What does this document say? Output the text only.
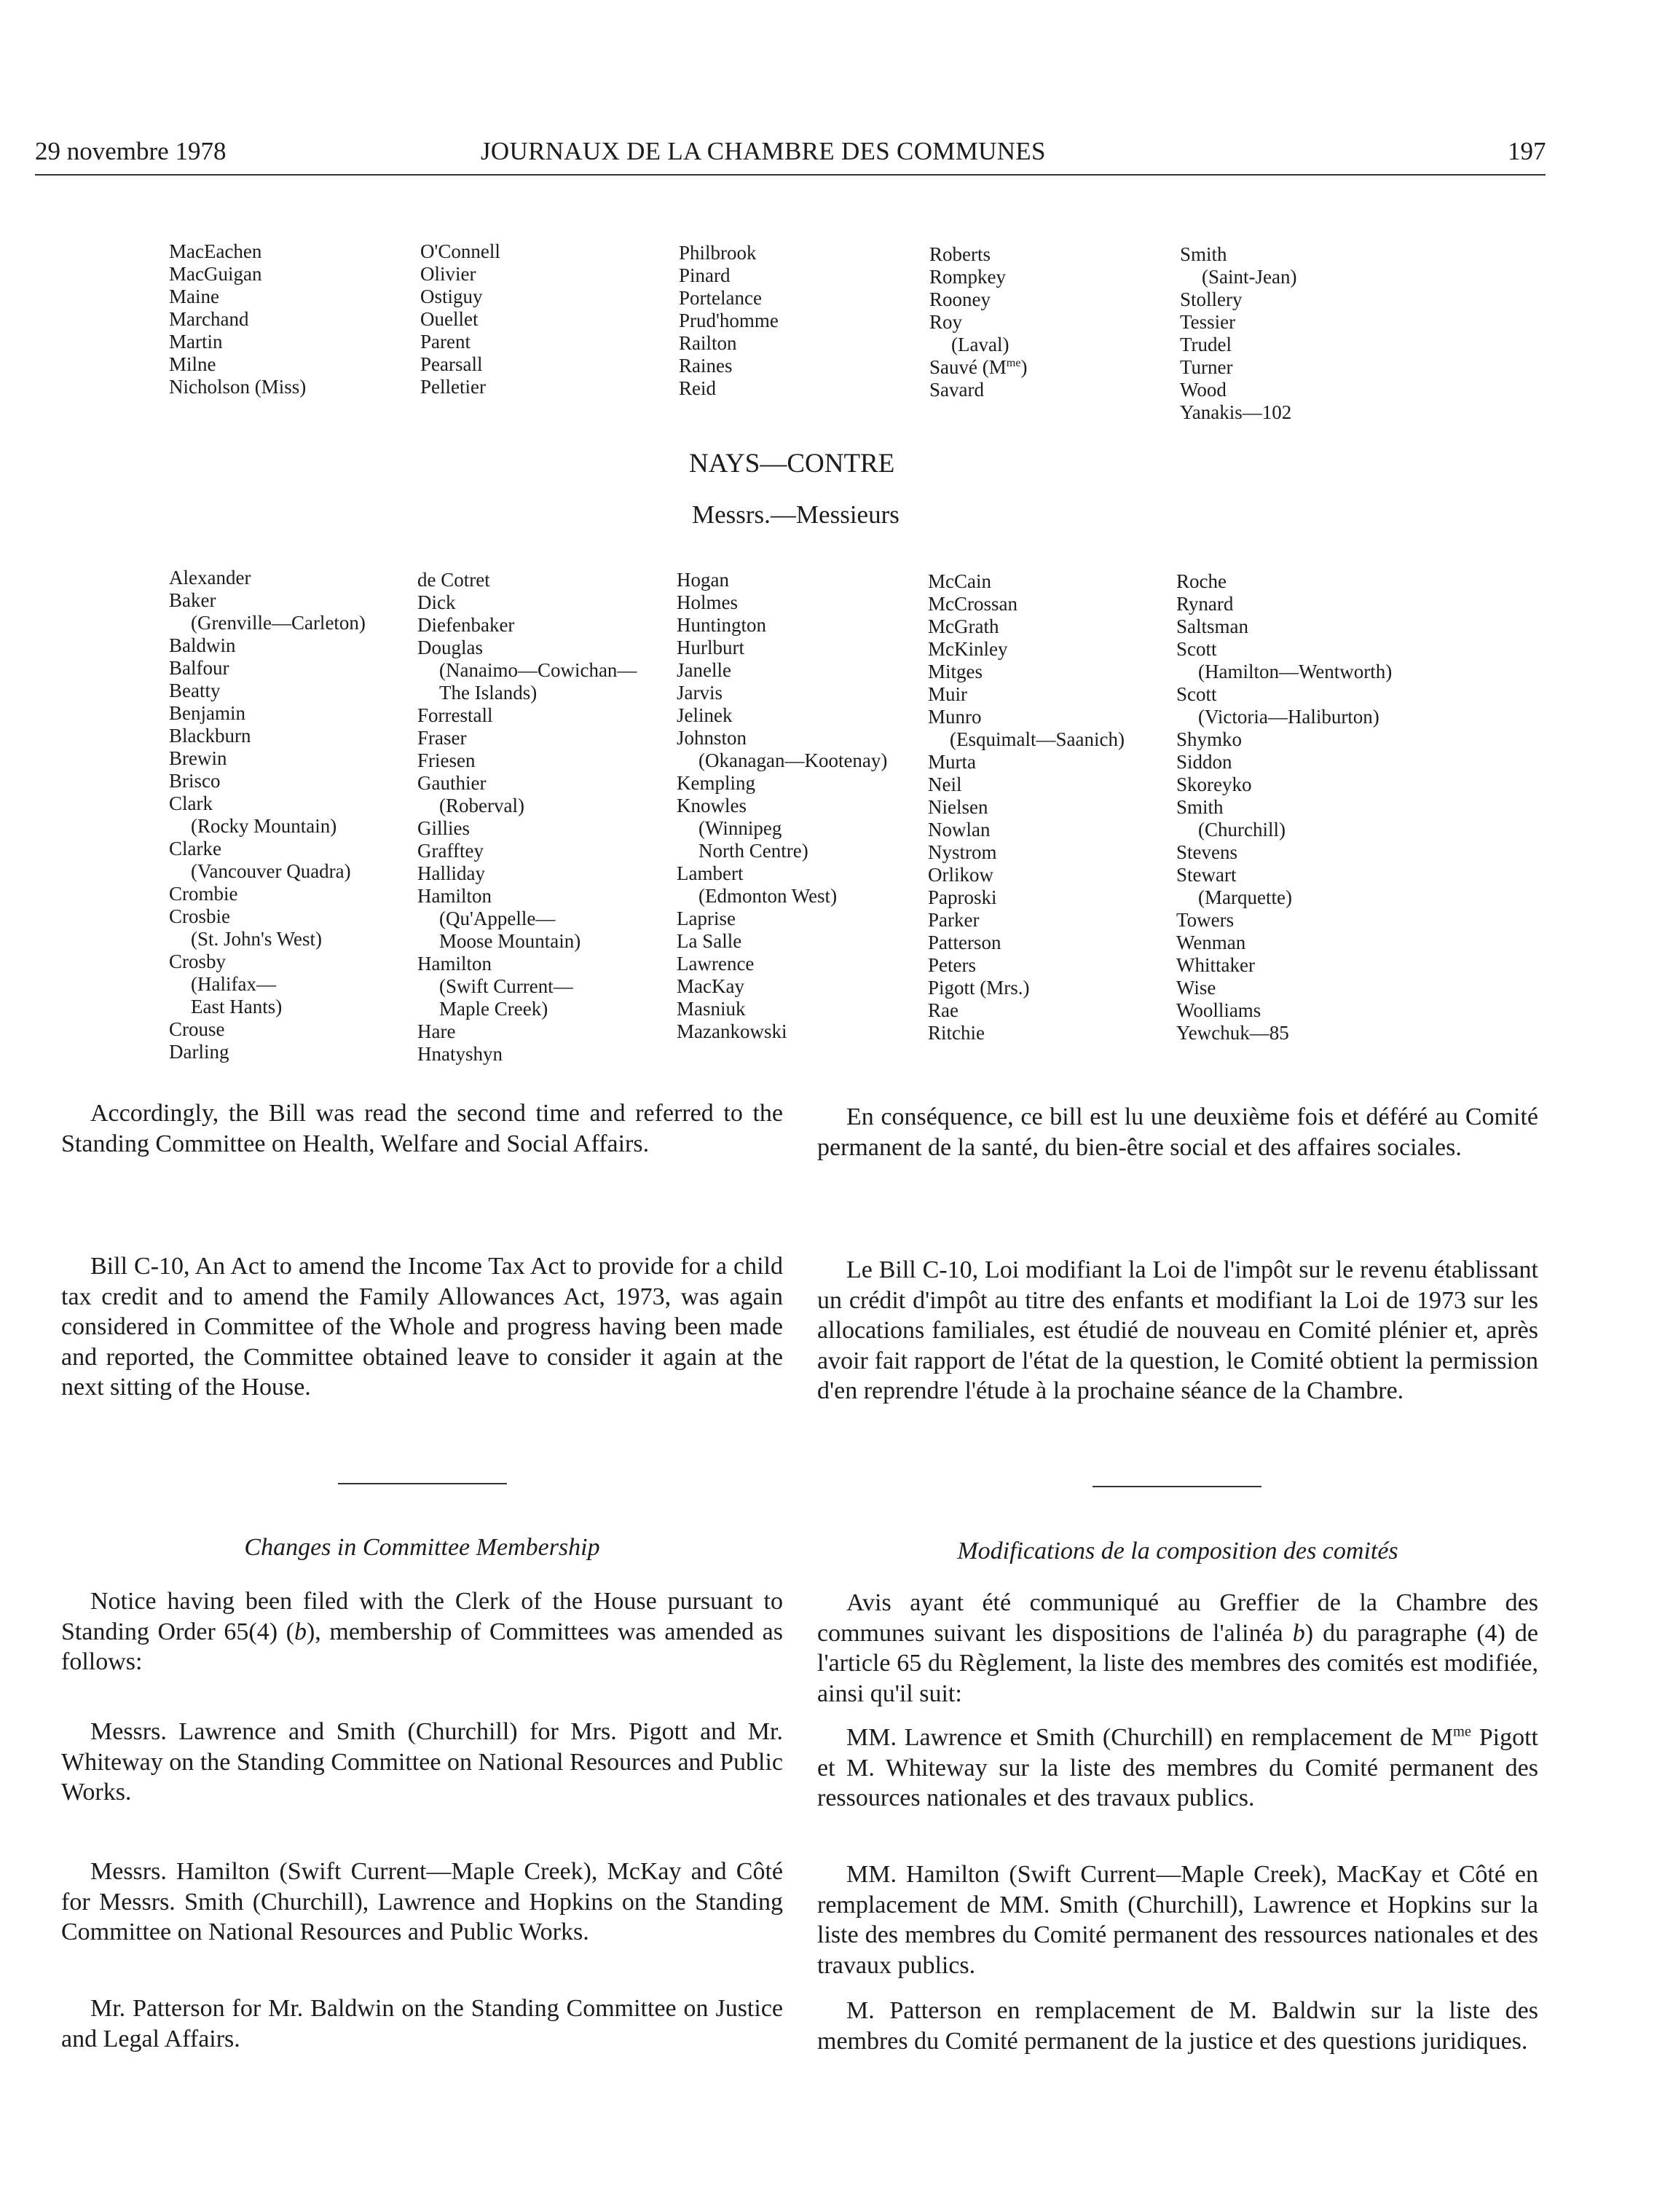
29 novembre 1978	JOURNAUX DE LA CHAMBRE DES COMMUNES	197
MacEachen
MacGuigan
Maine
Marchand
Martin
Milne
Nicholson (Miss)
O'Connell
Olivier
Ostiguy
Ouellet
Parent
Pearsall
Pelletier
Philbrook
Pinard
Portelance
Prud'homme
Railton
Raines
Reid
Roberts
Rompkey
Rooney
Roy
(Laval)
Sauvé $(M^{me})$
Savard
Smith
(Saint-Jean)
Stollery
Tessier
Trudel
Turner
Wood
Yanakis—102
NAYS—CONTRE
Messrs.—Messieurs
Alexander
Baker
(Grenville—Carleton)
Baldwin
Balfour
Beatty
Benjamin
Blackburn
Brewin
Brisco
Clark
(Rocky Mountain)
Clarke
(Vancouver Quadra)
Crombie
Crosbie
(St. John's West)
Crosby
(Halifax—
East Hants)
Crouse
Darling
de Cotret
Dick
Diefenbaker
Douglas
(Nanaimo—Cowichan—
The Islands)
Forrestall
Fraser
Friesen
Gauthier
(Roberval)
Gillies
Grafftey
Halliday
Hamilton
(Qu'Appelle—
Moose Mountain)
Hamilton
(Swift Current—
Maple Creek)
Hare
Hnatyshyn
Hogan
Holmes
Huntington
Hurlburt
Janelle
Jarvis
Jelinek
Johnston
(Okanagan—Kootenay)
Kempling
Knowles
(Winnipeg
North Centre)
Lambert
(Edmonton West)
Laprise
La Salle
Lawrence
MacKay
Masniuk
Mazankowski
McCain
McCrossan
McGrath
McKinley
Mitges
Muir
Munro
(Esquimalt—Saanich)
Murta
Neil
Nielsen
Nowlan
Nystrom
Orlikow
Paproski
Parker
Patterson
Peters
Pigott (Mrs.)
Rae
Ritchie
Roche
Rynard
Saltsman
Scott
(Hamilton—Wentworth)
Scott
(Victoria—Haliburton)
Shymko
Siddon
Skoreyko
Smith
(Churchill)
Stevens
Stewart
(Marquette)
Towers
Wenman
Whittaker
Wise
Woolliams
Yewchuk—85

Accordingly, the Bill was read the second time and referred to the Standing Committee on Health, Welfare and Social Affairs.

Bill C-10, An Act to amend the Income Tax Act to provide for a child tax credit and to amend the Family Allowances Act, 1973, was again considered in Committee of the Whole and progress having been made and reported, the Committee obtained leave to consider it again at the next sitting of the House.

Changes in Committee Membership

Notice having been filed with the Clerk of the House pursuant to Standing Order 65(4) (b), membership of Committees was amended as follows:

Messrs. Lawrence and Smith (Churchill) for Mrs. Pigott and Mr. Whiteway on the Standing Committee on National Resources and Public Works.

Messrs. Hamilton (Swift Current—Maple Creek), McKay and Côté for Messrs. Smith (Churchill), Lawrence and Hopkins on the Standing Committee on National Resources and Public Works.

Mr. Patterson for Mr. Baldwin on the Standing Committee on Justice and Legal Affairs.

En conséquence, ce bill est lu une deuxième fois et déféré au Comité permanent de la santé, du bien-être social et des affaires sociales.

Le Bill C-10, Loi modifiant la Loi de l'impôt sur le revenu établissant un crédit d'impôt au titre des enfants et modifiant la Loi de 1973 sur les allocations familiales, est étudié de nouveau en Comité plénier et, après avoir fait rapport de l'état de la question, le Comité obtient la permission d'en reprendre l'étude à la prochaine séance de la Chambre.

Modifications de la composition des comités

Avis ayant été communiqué au Greffier de la Chambre des communes suivant les dispositions de l'alinéa b) du paragraphe (4) de l'article 65 du Règlement, la liste des membres des comités est modifiée, ainsi qu'il suit:

MM. Lawrence et Smith (Churchill) en remplacement de $M^{me}$ Pigott et M. Whiteway sur la liste des membres du Comité permanent des ressources nationales et des travaux publics.

MM. Hamilton (Swift Current—Maple Creek), MacKay et Côté en remplacement de MM. Smith (Churchill), Lawrence et Hopkins sur la liste des membres du Comité permanent des ressources nationales et des travaux publics.

M. Patterson en remplacement de M. Baldwin sur la liste des membres du Comité permanent de la justice et des questions juridiques.
